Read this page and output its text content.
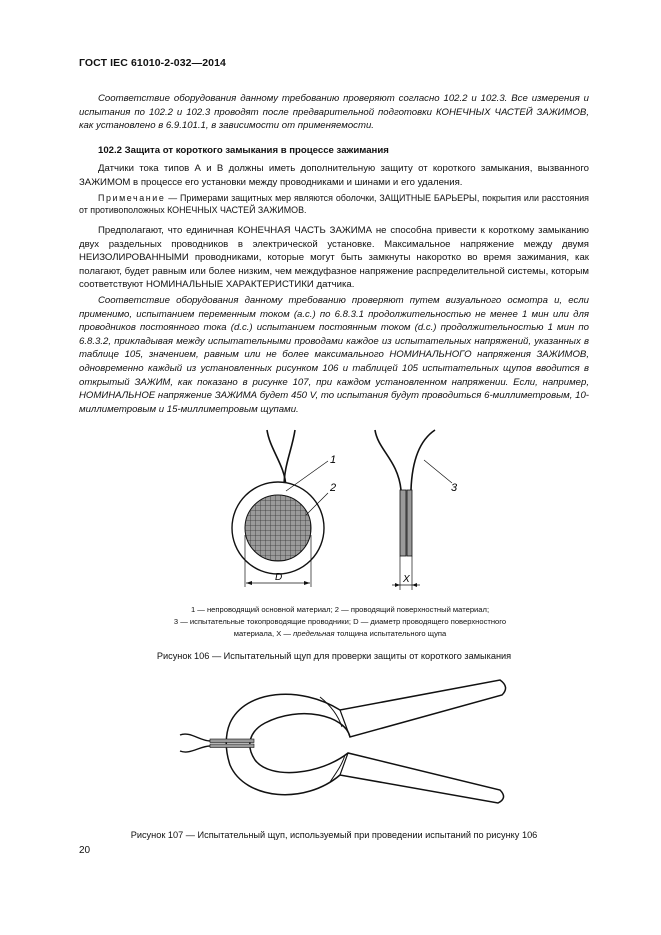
ГОСТ IEC 61010-2-032—2014
Соответствие оборудования данному требованию проверяют согласно 102.2 и 102.3. Все измерения и испытания по 102.2 и 102.3 проводят после предварительной подготовки КОНЕЧНЫХ ЧАСТЕЙ ЗАЖИМОВ, как установлено в 6.9.101.1, в зависимости от применяемости.
102.2 Защита от короткого замыкания в процессе зажимания
Датчики тока типов А и В должны иметь дополнительную защиту от короткого замыкания, вызванного ЗАЖИМОМ в процессе его установки между проводниками и шинами и его удаления.
Примечание — Примерами защитных мер являются оболочки, ЗАЩИТНЫЕ БАРЬЕРЫ, покрытия или расстояния от противоположных КОНЕЧНЫХ ЧАСТЕЙ ЗАЖИМОВ.
Предполагают, что единичная КОНЕЧНАЯ ЧАСТЬ ЗАЖИМА не способна привести к короткому замыканию двух раздельных проводников в электрической установке. Максимальное напряжение между двумя НЕИЗОЛИРОВАННЫМИ проводниками, которые могут быть замкнуты накоротко во время зажимания, как полагают, будет равным или более низким, чем междуфазное напряжение распределительной системы, которым соответствуют НОМИНАЛЬНЫЕ ХАРАКТЕРИСТИКИ датчика.
Соответствие оборудования данному требованию проверяют путем визуального осмотра и, если применимо, испытанием переменным током (а.с.) по 6.8.3.1 продолжительностью не менее 1 мин или для проводников постоянного тока (d.c.) испытанием постоянным током (d.c.) продолжительностью 1 мин по 6.8.3.2, прикладывая между испытательными проводами каждое из испытательных напряжений, указанных в таблице 105, значением, равным или не более максимального НОМИНАЛЬНОГО напряжения ЗАЖИМОВ, одновременно каждый из установленных рисунком 106 и таблицей 105 испытательных щупов вводится в открытый ЗАЖИМ, как показано в рисунке 107, при каждом установленном напряжении. Если, например, НОМИНАЛЬНОЕ напряжение ЗАЖИМА будет 450 V, то испытания будут проводиться 6-миллиметровым, 10-миллиметровым и 15-миллиметровым щупами.
1
2
D
3
X
1 — непроводящий основной материал; 2 — проводящий поверхностный материал;
3 — испытательные токопроводящие проводники; D — диаметр проводящего поверхностного
материала, X — предельная толщина испытательного щупа
Рисунок 106 — Испытательный щуп для проверки защиты от короткого замыкания
Рисунок 107 — Испытательный щуп, используемый при проведении испытаний по рисунку 106
20
